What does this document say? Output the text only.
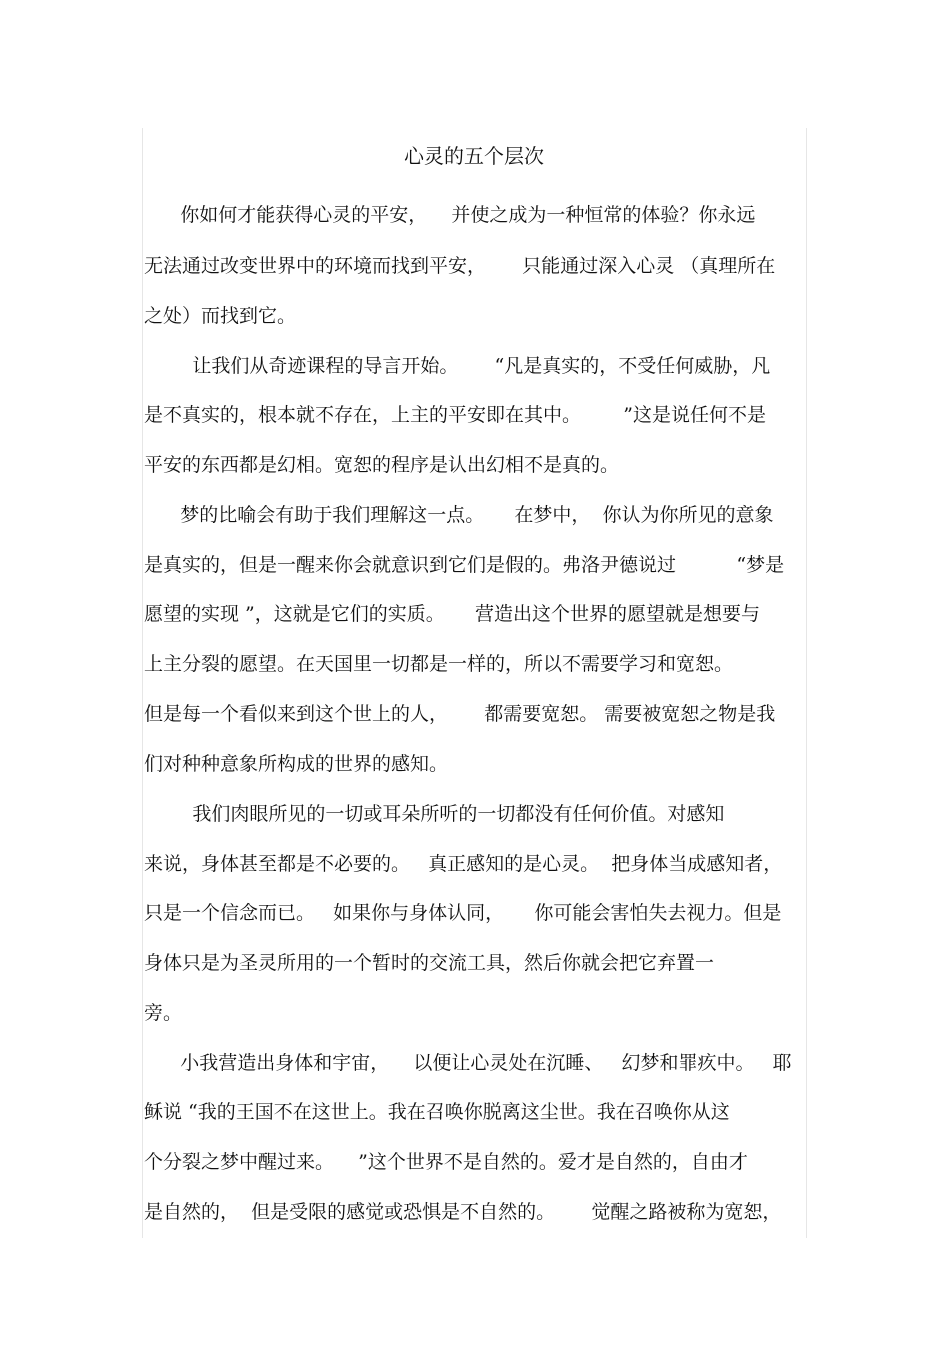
心灵的五个层次
你如何才能获得心灵的平安，    并使之成为一种恒常的体验？你永远
无法通过改变世界中的环境而找到平安，      只能通过深入心灵 （真理所在
之处）而找到它。
让我们从奇迹课程的导言开始。      “凡是真实的，不受任何威胁，凡
是不真实的，根本就不存在，上主的平安即在其中。       ”这是说任何不是
平安的东西都是幻相。宽恕的程序是认出幻相不是真的。
梦的比喻会有助于我们理解这一点。     在梦中，  你认为你所见的意象
是真实的，但是一醒来你会就意识到它们是假的。弗洛尹德说过          “梦是
愿望的实现 ”，这就是它们的实质。     营造出这个世界的愿望就是想要与
上主分裂的愿望。在天国里一切都是一样的，所以不需要学习和宽恕。
但是每一个看似来到这个世上的人，      都需要宽恕。 需要被宽恕之物是我
们对种种意象所构成的世界的感知。
我们肉眼所见的一切或耳朵所听的一切都没有任何价值。对感知
来说，身体甚至都是不必要的。   真正感知的是心灵。  把身体当成感知者，
只是一个信念而已。   如果你与身体认同，     你可能会害怕失去视力。但是
身体只是为圣灵所用的一个暂时的交流工具，然后你就会把它弃置一
旁。
小我营造出身体和宇宙，    以便让心灵处在沉睡、   幻梦和罪疚中。   耶
稣说 “我的王国不在这世上。我在召唤你脱离这尘世。我在召唤你从这
个分裂之梦中醒过来。    ”这个世界不是自然的。爱才是自然的，自由才
是自然的，  但是受限的感觉或恐惧是不自然的。      觉醒之路被称为宽恕，
